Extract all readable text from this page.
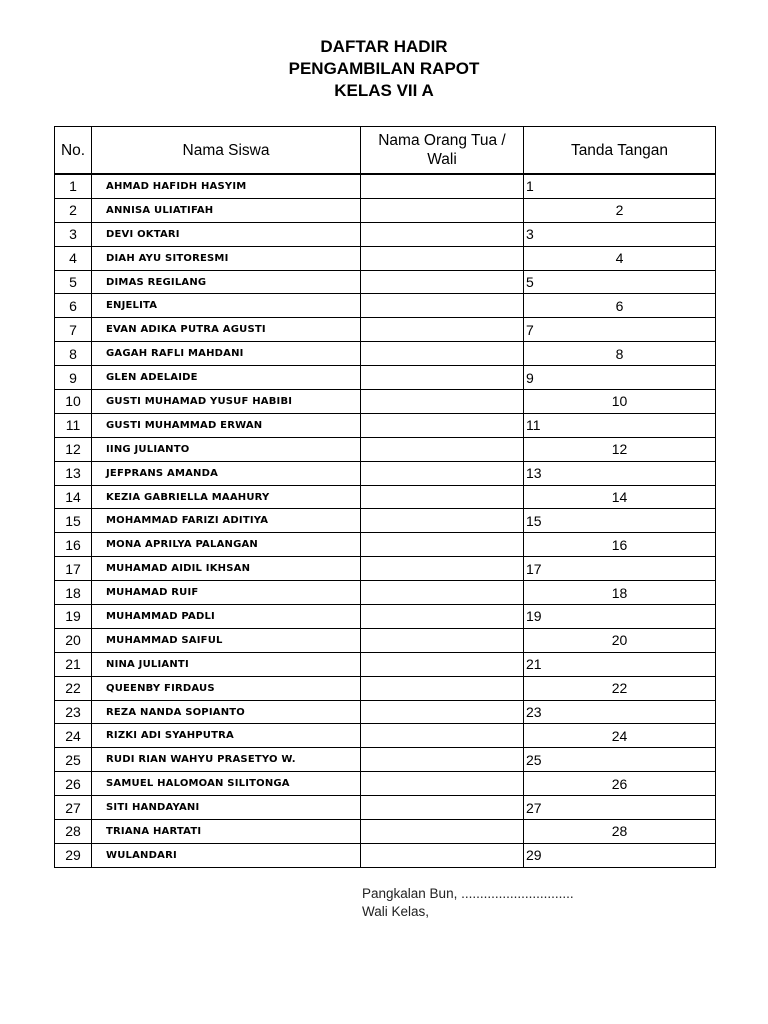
DAFTAR HADIR
PENGAMBILAN RAPOT
KELAS VII A
No.	Nama Siswa	Nama Orang Tua / Wali	Tanda Tangan
1	AHMAD HAFIDH HASYIM		1
2	ANNISA ULIATIFAH		2
3	DEVI OKTARI		3
4	DIAH AYU SITORESMI		4
5	DIMAS REGILANG		5
6	ENJELITA		6
7	EVAN ADIKA PUTRA AGUSTI		7
8	GAGAH RAFLI MAHDANI		8
9	GLEN ADELAIDE		9
10	GUSTI MUHAMAD YUSUF HABIBI		10
11	GUSTI MUHAMMAD ERWAN		11
12	IING JULIANTO		12
13	JEFPRANS AMANDA		13
14	KEZIA GABRIELLA MAAHURY		14
15	MOHAMMAD FARIZI ADITIYA		15
16	MONA APRILYA PALANGAN		16
17	MUHAMAD AIDIL IKHSAN		17
18	MUHAMAD RUIF		18
19	MUHAMMAD PADLI		19
20	MUHAMMAD SAIFUL		20
21	NINA JULIANTI		21
22	QUEENBY FIRDAUS		22
23	REZA NANDA SOPIANTO		23
24	RIZKI ADI SYAHPUTRA		24
25	RUDI RIAN WAHYU PRASETYO W.		25
26	SAMUEL HALOMOAN SILITONGA		26
27	SITI HANDAYANI		27
28	TRIANA HARTATI		28
29	WULANDARI		29
Pangkalan Bun, ..............................
Wali Kelas,
